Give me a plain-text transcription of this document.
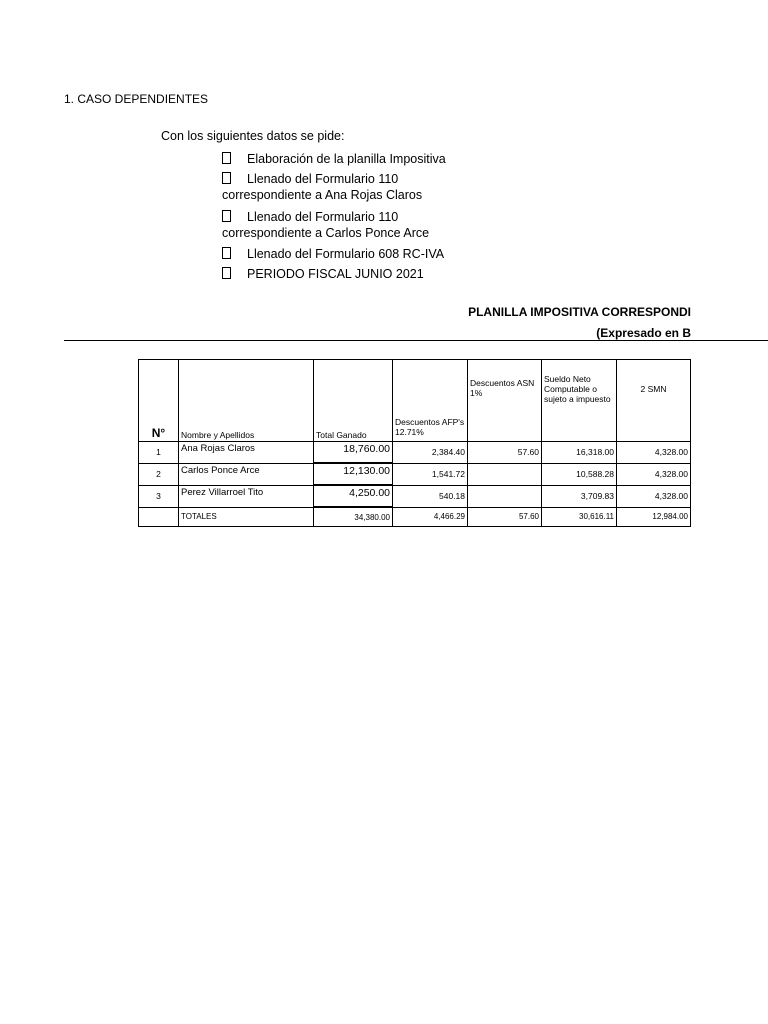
1. CASO DEPENDIENTES
Con los siguientes datos se pide:
Elaboración de la planilla Impositiva
Llenado del Formulario 110
correspondiente a Ana Rojas Claros
Llenado del Formulario 110
correspondiente a Carlos Ponce Arce
Llenado del Formulario 608 RC-IVA
PERIODO FISCAL JUNIO 2021
PLANILLA IMPOSITIVA CORRESPONDI
(Expresado en B
N°	Nombre y Apellidos	Total Ganado	Descuentos AFP's 12.71%	Descuentos ASN 1%	Sueldo Neto Computable o sujeto a impuesto	2 SMN
1	Ana Rojas Claros	18,760.00	2,384.40	57.60	16,318.00	4,328.00
2	Carlos Ponce Arce	12,130.00	1,541.72		10,588.28	4,328.00
3	Perez Villarroel Tito	4,250.00	540.18		3,709.83	4,328.00
	TOTALES	34,380.00	4,466.29	57.60	30,616.11	12,984.00
